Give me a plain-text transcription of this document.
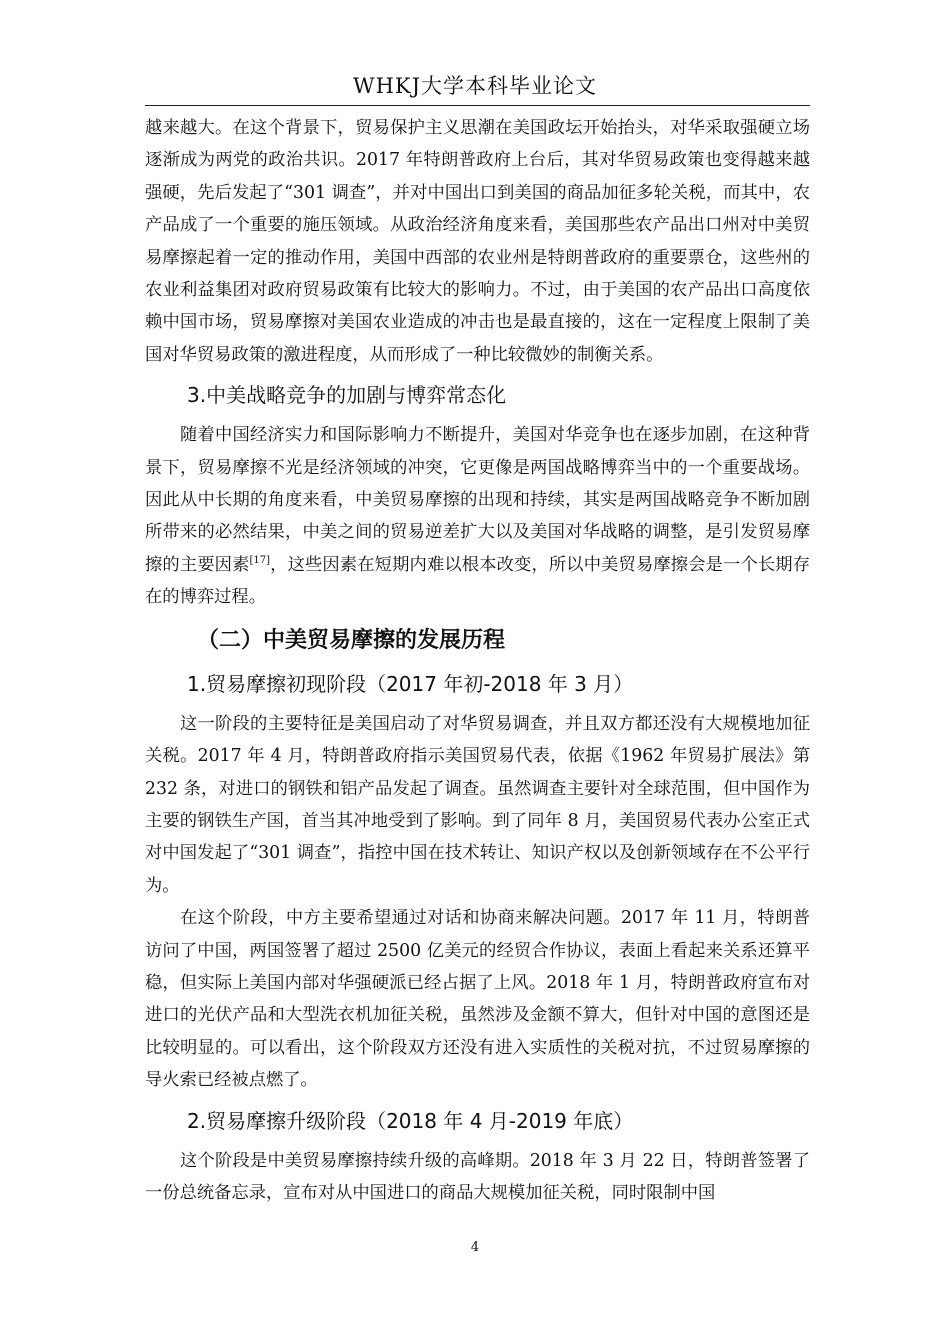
WHKJ大学本科毕业论文

越来越大。在这个背景下，贸易保护主义思潮在美国政坛开始抬头，对华采取强硬立场逐渐成为两党的政治共识。2017 年特朗普政府上台后，其对华贸易政策也变得越来越强硬，先后发起了“301 调查”，并对中国出口到美国的商品加征多轮关税，而其中，农产品成了一个重要的施压领域。从政治经济角度来看，美国那些农产品出口州对中美贸易摩擦起着一定的推动作用，美国中西部的农业州是特朗普政府的重要票仓，这些州的农业利益集团对政府贸易政策有比较大的影响力。不过，由于美国的农产品出口高度依赖中国市场，贸易摩擦对美国农业造成的冲击也是最直接的，这在一定程度上限制了美国对华贸易政策的激进程度，从而形成了一种比较微妙的制衡关系。

3.中美战略竞争的加剧与博弈常态化

随着中国经济实力和国际影响力不断提升，美国对华竞争也在逐步加剧，在这种背景下，贸易摩擦不光是经济领域的冲突，它更像是两国战略博弈当中的一个重要战场。因此从中长期的角度来看，中美贸易摩擦的出现和持续，其实是两国战略竞争不断加剧所带来的必然结果，中美之间的贸易逆差扩大以及美国对华战略的调整，是引发贸易摩擦的主要因素[17]，这些因素在短期内难以根本改变，所以中美贸易摩擦会是一个长期存在的博弈过程。

（二）中美贸易摩擦的发展历程
1.贸易摩擦初现阶段（2017 年初-2018 年 3 月）

这一阶段的主要特征是美国启动了对华贸易调查，并且双方都还没有大规模地加征关税。2017 年 4 月，特朗普政府指示美国贸易代表，依据《1962 年贸易扩展法》第 232 条，对进口的钢铁和铝产品发起了调查。虽然调查主要针对全球范围，但中国作为主要的钢铁生产国，首当其冲地受到了影响。到了同年 8 月，美国贸易代表办公室正式对中国发起了“301 调查”，指控中国在技术转让、知识产权以及创新领域存在不公平行为。

在这个阶段，中方主要希望通过对话和协商来解决问题。2017 年 11 月，特朗普访问了中国，两国签署了超过 2500 亿美元的经贸合作协议，表面上看起来关系还算平稳，但实际上美国内部对华强硬派已经占据了上风。2018 年 1 月，特朗普政府宣布对进口的光伏产品和大型洗衣机加征关税，虽然涉及金额不算大，但针对中国的意图还是比较明显的。可以看出，这个阶段双方还没有进入实质性的关税对抗，不过贸易摩擦的导火索已经被点燃了。

2.贸易摩擦升级阶段（2018 年 4 月-2019 年底）

这个阶段是中美贸易摩擦持续升级的高峰期。2018 年 3 月 22 日，特朗普签署了一份总统备忘录，宣布对从中国进口的商品大规模加征关税，同时限制中国

4
